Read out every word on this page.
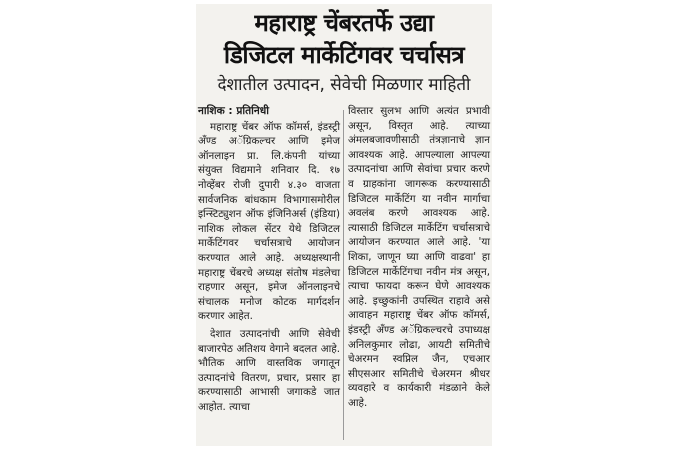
महाराष्ट्र चेंबरतर्फे उद्या
डिजिटल मार्केटिंगवर चर्चासत्र
देशातील उत्पादन, सेवेची मिळणार माहिती
नाशिक : प्रतिनिधी

महाराष्ट्र चेंबर ऑफ कॉमर्स, इंडस्ट्री अँण्ड अॅग्रिकल्चर आणि इमेज ऑनलाइन प्रा. लि.कंपनी यांच्या संयुक्त विद्यमाने शनिवार दि. १७ नोव्हेंबर रोजी दुपारी ४.३० वाजता सार्वजनिक बांधकाम विभागासमोरील इन्स्टिट्युशन ऑफ इंजिनिअर्स (इंडिया) नाशिक लोकल सेंटर येथे डिजिटल मार्केटिंगवर चर्चासत्राचे आयोजन करण्यात आले आहे. अध्यक्षस्थानी महाराष्ट्र चेंबरचे अध्यक्ष संतोष मंडलेचा राहणार असून, इमेज ऑनलाइनचे संचालक मनोज कोटक मार्गदर्शन करणार आहेत.

देशात उत्पादनांची आणि सेवेची बाजारपेठ अतिशय वेगाने बदलत आहे. भौतिक आणि वास्तविक जगातून उत्पादनांचे वितरण, प्रचार, प्रसार हा करण्यासाठी आभासी जगाकडे जात आहोत. त्याचा

विस्तार सुलभ आणि अत्यंत प्रभावी असून, विस्तृत आहे. त्याच्या अंमलबजावणीसाठी तंत्रज्ञानाचे ज्ञान आवश्यक आहे. आपल्याला आपल्या उत्पादनांचा आणि सेवांचा प्रचार करणे व ग्राहकांना जागरूक करण्यासाठी डिजिटल मार्केटिंग या नवीन मार्गाचा अवलंब करणे आवश्यक आहे. त्यासाठी डिजिटल मार्केटिंग चर्चासत्राचे आयोजन करण्यात आले आहे. 'या शिका, जाणून घ्या आणि वाढवा' हा डिजिटल मार्केटिंगचा नवीन मंत्र असून, त्याचा फायदा करून घेणे आवश्यक आहे. इच्छुकांनी उपस्थित राहावे असे आवाहन महाराष्ट्र चेंबर ऑफ कॉमर्स, इंडस्ट्री अँण्ड अॅग्रिकल्चरचे उपाध्यक्ष अनिलकुमार लोढा, आयटी समितीचे चेअरमन स्वप्निल जैन, एचआर सीएसआर समितीचे चेअरमन श्रीधर व्यवहारे व कार्यकारी मंडळाने केले आहे.
